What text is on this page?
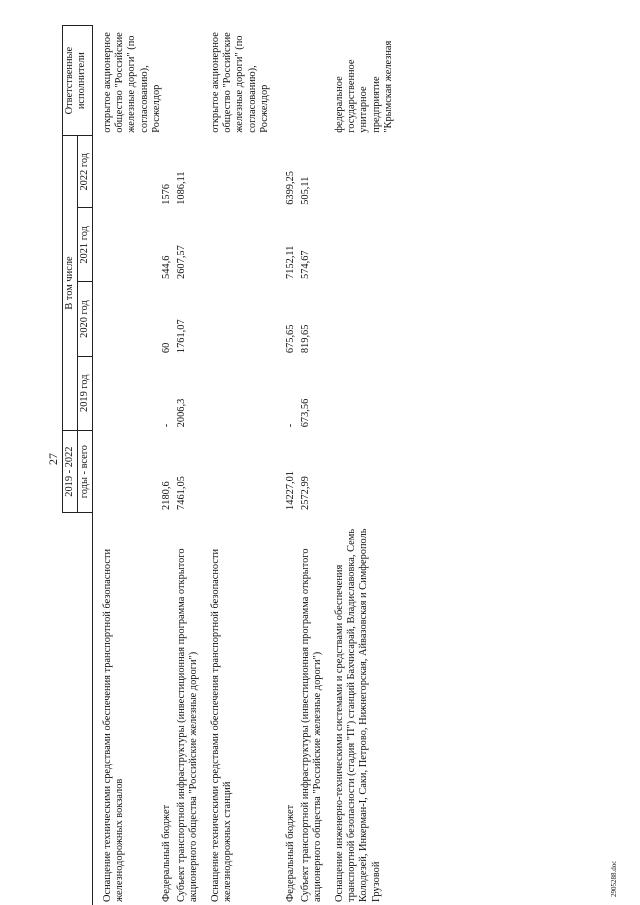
27
	2019 - 2022	В том числе				Ответственные исполнители
	годы - всего	2019 год	2020 год	2021 год	2022 год	

Оснащение техническими средствами обеспечения транспортной безопасности железнодорожных вокзалов						открытое акционерное общество "Российские железные дороги" (по согласованию), Росжелдор
Федеральный бюджет	2180,6	-	60	544,6	1576	
Субъект транспортной инфраструктуры (инвестиционная программа открытого акционерного общества "Российские железные дороги")	7461,05	2006,3	1761,07	2607,57	1086,11	

Оснащение техническими средствами обеспечения транспортной безопасности железнодорожных станций						открытое акционерное общество "Российские железные дороги" (по согласованию), Росжелдор
Федеральный бюджет	14227,01	-	675,65	7152,11	6399,25	
Субъект транспортной инфраструктуры (инвестиционная программа открытого акционерного общества "Российские железные дороги")	2572,99	673,56	819,65	574,67	505,11	

Оснащение инженерно-техническими системами и средствами обеспечения транспортной безопасности (стадия "П") станций Бахчисарай, Владиславовка, Семь Колодезей, Инкерман-I, Саки, Петрово, Нижнегорская, Айвазовская и Симферополь Грузовой						федеральное государственное унитарное предприятие "Крымская железная
2905288.doc
